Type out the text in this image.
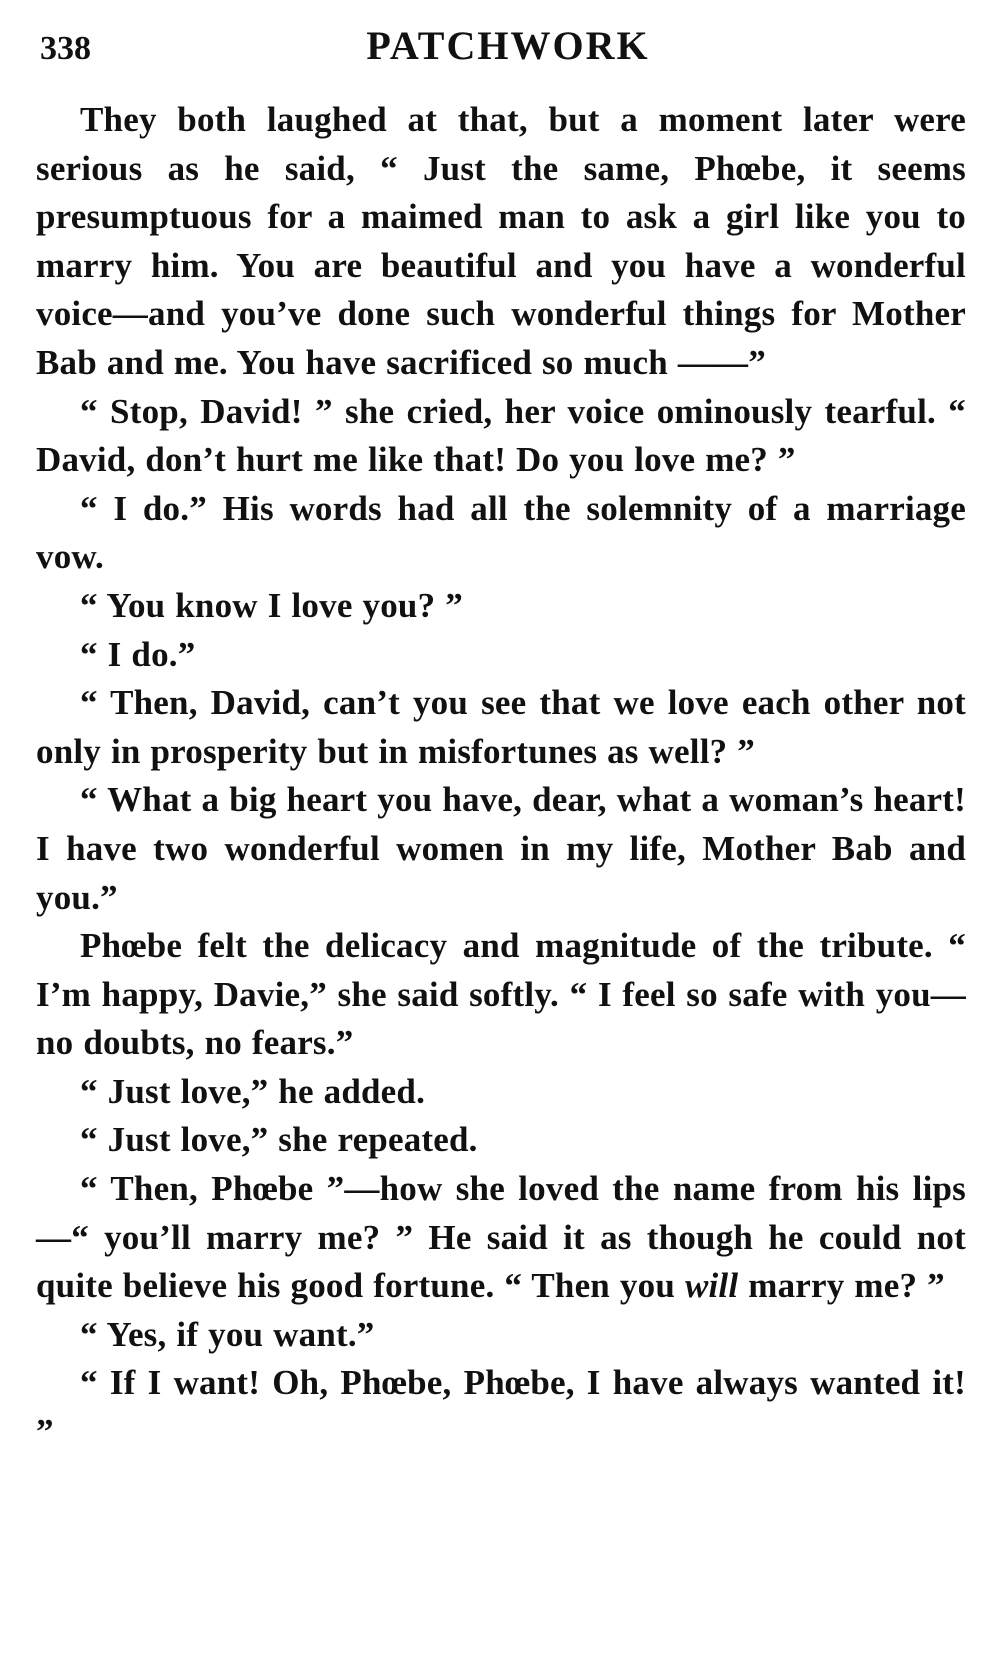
338	PATCHWORK

They both laughed at that, but a moment later were serious as he said, “ Just the same, Phœbe, it seems presumptuous for a maimed man to ask a girl like you to marry him. You are beautiful and you have a wonderful voice—and you’ve done such wonderful things for Mother Bab and me. You have sacrificed so much ——”

“ Stop, David! ” she cried, her voice ominously tearful. “ David, don’t hurt me like that! Do you love me? ”

“ I do.” His words had all the solemnity of a marriage vow.

“ You know I love you? ”

“ I do.”

“ Then, David, can’t you see that we love each other not only in prosperity but in misfortunes as well? ”

“ What a big heart you have, dear, what a woman’s heart! I have two wonderful women in my life, Mother Bab and you.”

Phœbe felt the delicacy and magnitude of the tribute. “ I’m happy, Davie,” she said softly. “ I feel so safe with you—no doubts, no fears.”

“ Just love,” he added.

“ Just love,” she repeated.

“ Then, Phœbe ”—how she loved the name from his lips—“ you’ll marry me? ” He said it as though he could not quite believe his good fortune. “ Then you will marry me? ”

“ Yes, if you want.”

“ If I want! Oh, Phœbe, Phœbe, I have always wanted it! ”
